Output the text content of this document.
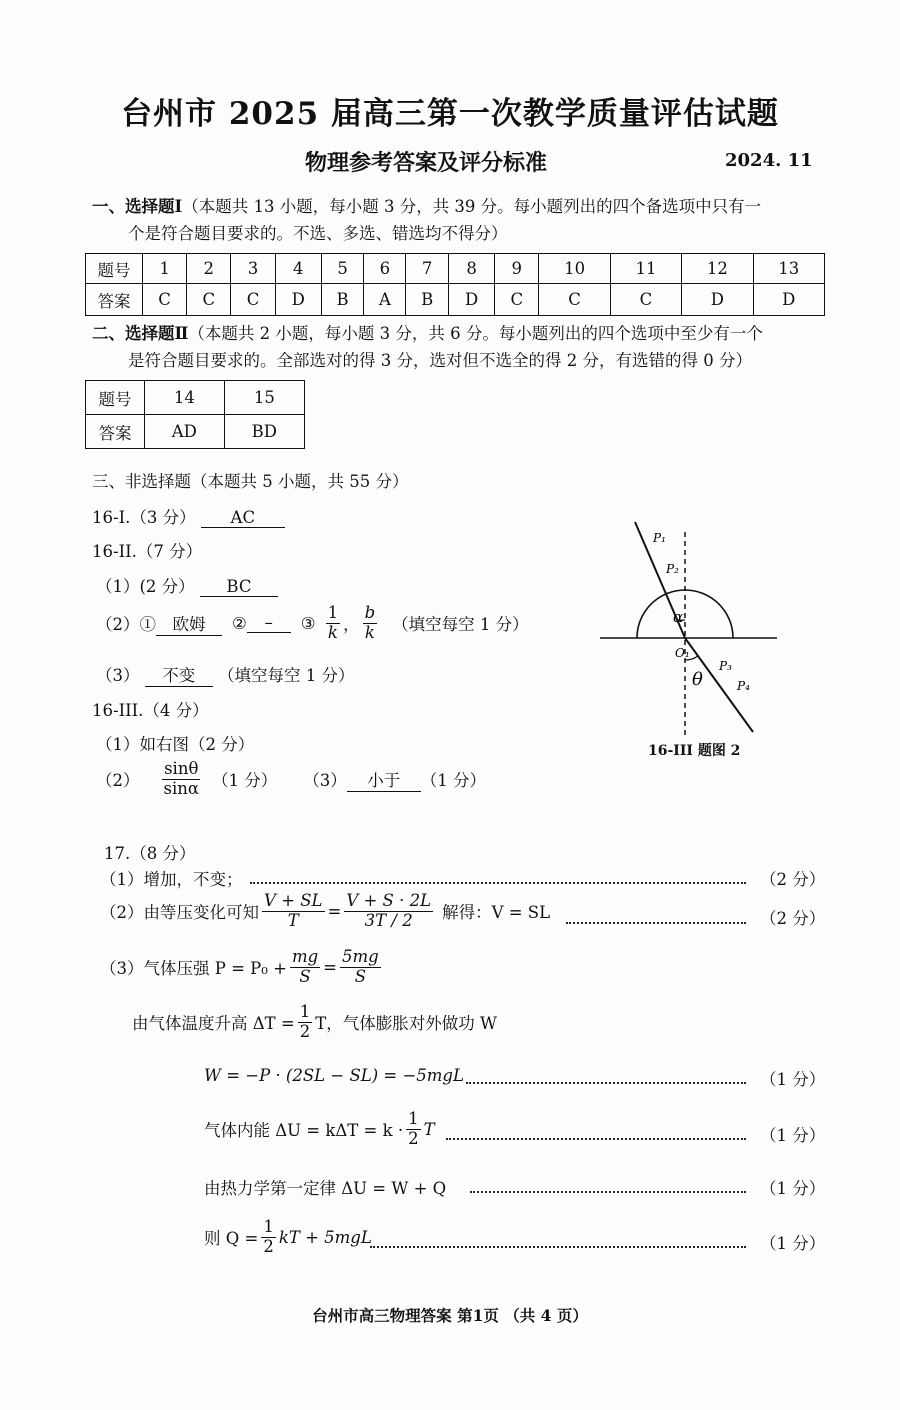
台州市 2025 届高三第一次教学质量评估试题
物理参考答案及评分标准	2024. 11
一、选择题Ⅰ（本题共 13 小题，每小题 3 分，共 39 分。每小题列出的四个备选项中只有一
个是符合题目要求的。不选、多选、错选均不得分）
题号	1	2	3	4	5	6	7	8	9	10	11	12	13
答案	C	C	C	D	B	A	B	D	C	C	C	D	D
二、选择题Ⅱ（本题共 2 小题，每小题 3 分，共 6 分。每小题列出的四个选项中至少有一个
是符合题目要求的。全部选对的得 3 分，选对但不选全的得 2 分，有选错的得 0 分）
题号	14	15
答案	AD	BD
三、非选择题（本题共 5 小题，共 55 分）
16-I.（3 分） AC
16-II.（7 分）
（1）(2 分） BC
（2）①	欧姆	②	–	③ $\frac{1}{k}$ ， $\frac{b}{k}$ （填空每空 1 分）
（3） 不变 （填空每空 1 分）
16-III.（4 分）
（1）如右图（2 分）
$(2) \frac{\sin\theta}{\sin\alpha} (1$ 分） （3）	小于	（1 分）
P₁
P₂
α
O₁
θ
P₃
P₄
16-III 题图 2
17.（8 分）
（1）增加，不变；	（2 分）
（2）由等压变化可知 $\frac{V + SL}{T} = \frac{V + S \cdot 2L}{3T / 2}$ 解得：V = SL	（2 分）
（3）气体压强 $P = P_0 + \frac{mg}{S} = \frac{5mg}{S}$
由气体温度升高 $\Delta T = \frac{1}{2}$ T，气体膨胀对外做功 W
W = −P · (2SL − SL) = −5mgL	（1 分）
气体内能 $\Delta U = k\Delta T = k \cdot \frac{1}{2}$ T	（1 分）
由热力学第一定律 ΔU = W + Q	（1 分）
则 $Q = \frac{1}{2}$ kT + 5mgL	（1 分）
台州市高三物理答案 第1页 （共 4 页）
